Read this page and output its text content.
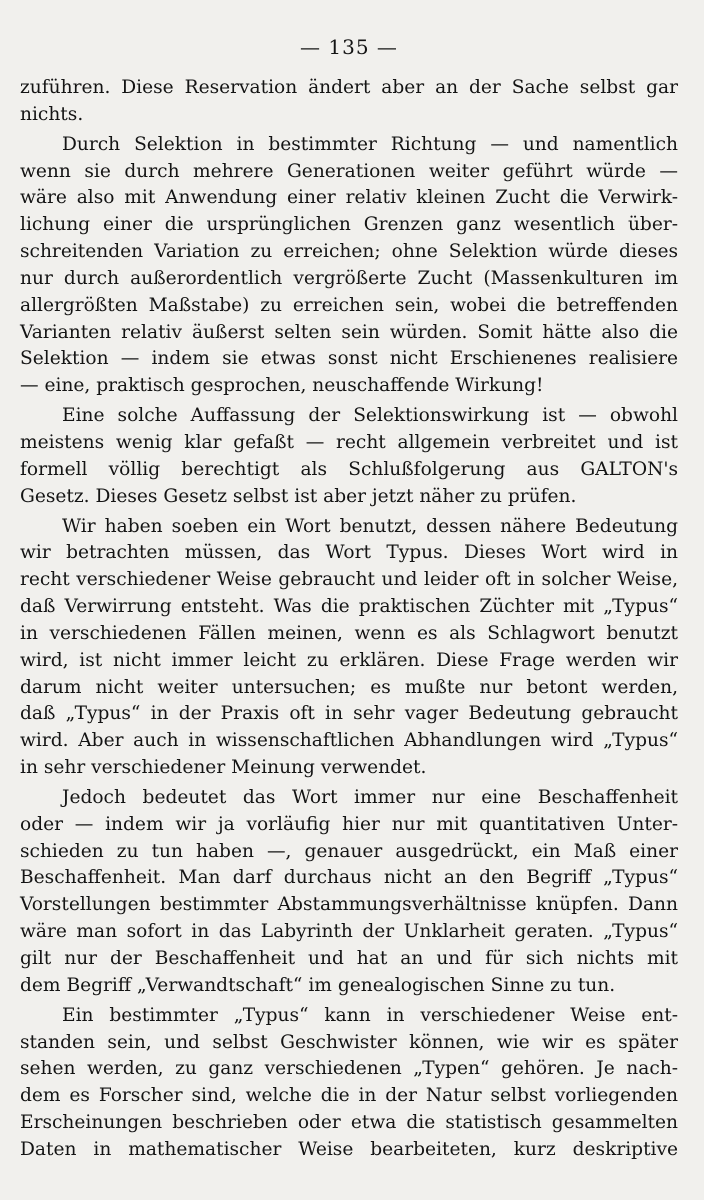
— 135 —
zuführen. Diese Reservation ändert aber an der Sache selbst gar
nichts.
Durch Selektion in bestimmter Richtung — und namentlich
wenn sie durch mehrere Generationen weiter geführt würde —
wäre also mit Anwendung einer relativ kleinen Zucht die Verwirk-
lichung einer die ursprünglichen Grenzen ganz wesentlich über-
schreitenden Variation zu erreichen; ohne Selektion würde dieses
nur durch außerordentlich vergrößerte Zucht (Massenkulturen im
allergrößten Maßstabe) zu erreichen sein, wobei die betreffenden
Varianten relativ äußerst selten sein würden. Somit hätte also die
Selektion — indem sie etwas sonst nicht Erschienenes realisiere
— eine, praktisch gesprochen, neuschaffende Wirkung!
Eine solche Auffassung der Selektionswirkung ist — obwohl
meistens wenig klar gefaßt — recht allgemein verbreitet und ist
formell völlig berechtigt als Schlußfolgerung aus GALTON's
Gesetz. Dieses Gesetz selbst ist aber jetzt näher zu prüfen.
Wir haben soeben ein Wort benutzt, dessen nähere Bedeutung
wir betrachten müssen, das Wort Typus. Dieses Wort wird in
recht verschiedener Weise gebraucht und leider oft in solcher Weise,
daß Verwirrung entsteht. Was die praktischen Züchter mit „Typus“
in verschiedenen Fällen meinen, wenn es als Schlagwort benutzt
wird, ist nicht immer leicht zu erklären. Diese Frage werden wir
darum nicht weiter untersuchen; es mußte nur betont werden,
daß „Typus“ in der Praxis oft in sehr vager Bedeutung gebraucht
wird. Aber auch in wissenschaftlichen Abhandlungen wird „Typus“
in sehr verschiedener Meinung verwendet.
Jedoch bedeutet das Wort immer nur eine Beschaffenheit
oder — indem wir ja vorläufig hier nur mit quantitativen Unter-
schieden zu tun haben —, genauer ausgedrückt, ein Maß einer
Beschaffenheit. Man darf durchaus nicht an den Begriff „Typus“
Vorstellungen bestimmter Abstammungsverhältnisse knüpfen. Dann
wäre man sofort in das Labyrinth der Unklarheit geraten. „Typus“
gilt nur der Beschaffenheit und hat an und für sich nichts mit
dem Begriff „Verwandtschaft“ im genealogischen Sinne zu tun.
Ein bestimmter „Typus“ kann in verschiedener Weise ent-
standen sein, und selbst Geschwister können, wie wir es später
sehen werden, zu ganz verschiedenen „Typen“ gehören. Je nach-
dem es Forscher sind, welche die in der Natur selbst vorliegenden
Erscheinungen beschrieben oder etwa die statistisch gesammelten
Daten in mathematischer Weise bearbeiteten, kurz deskriptive
